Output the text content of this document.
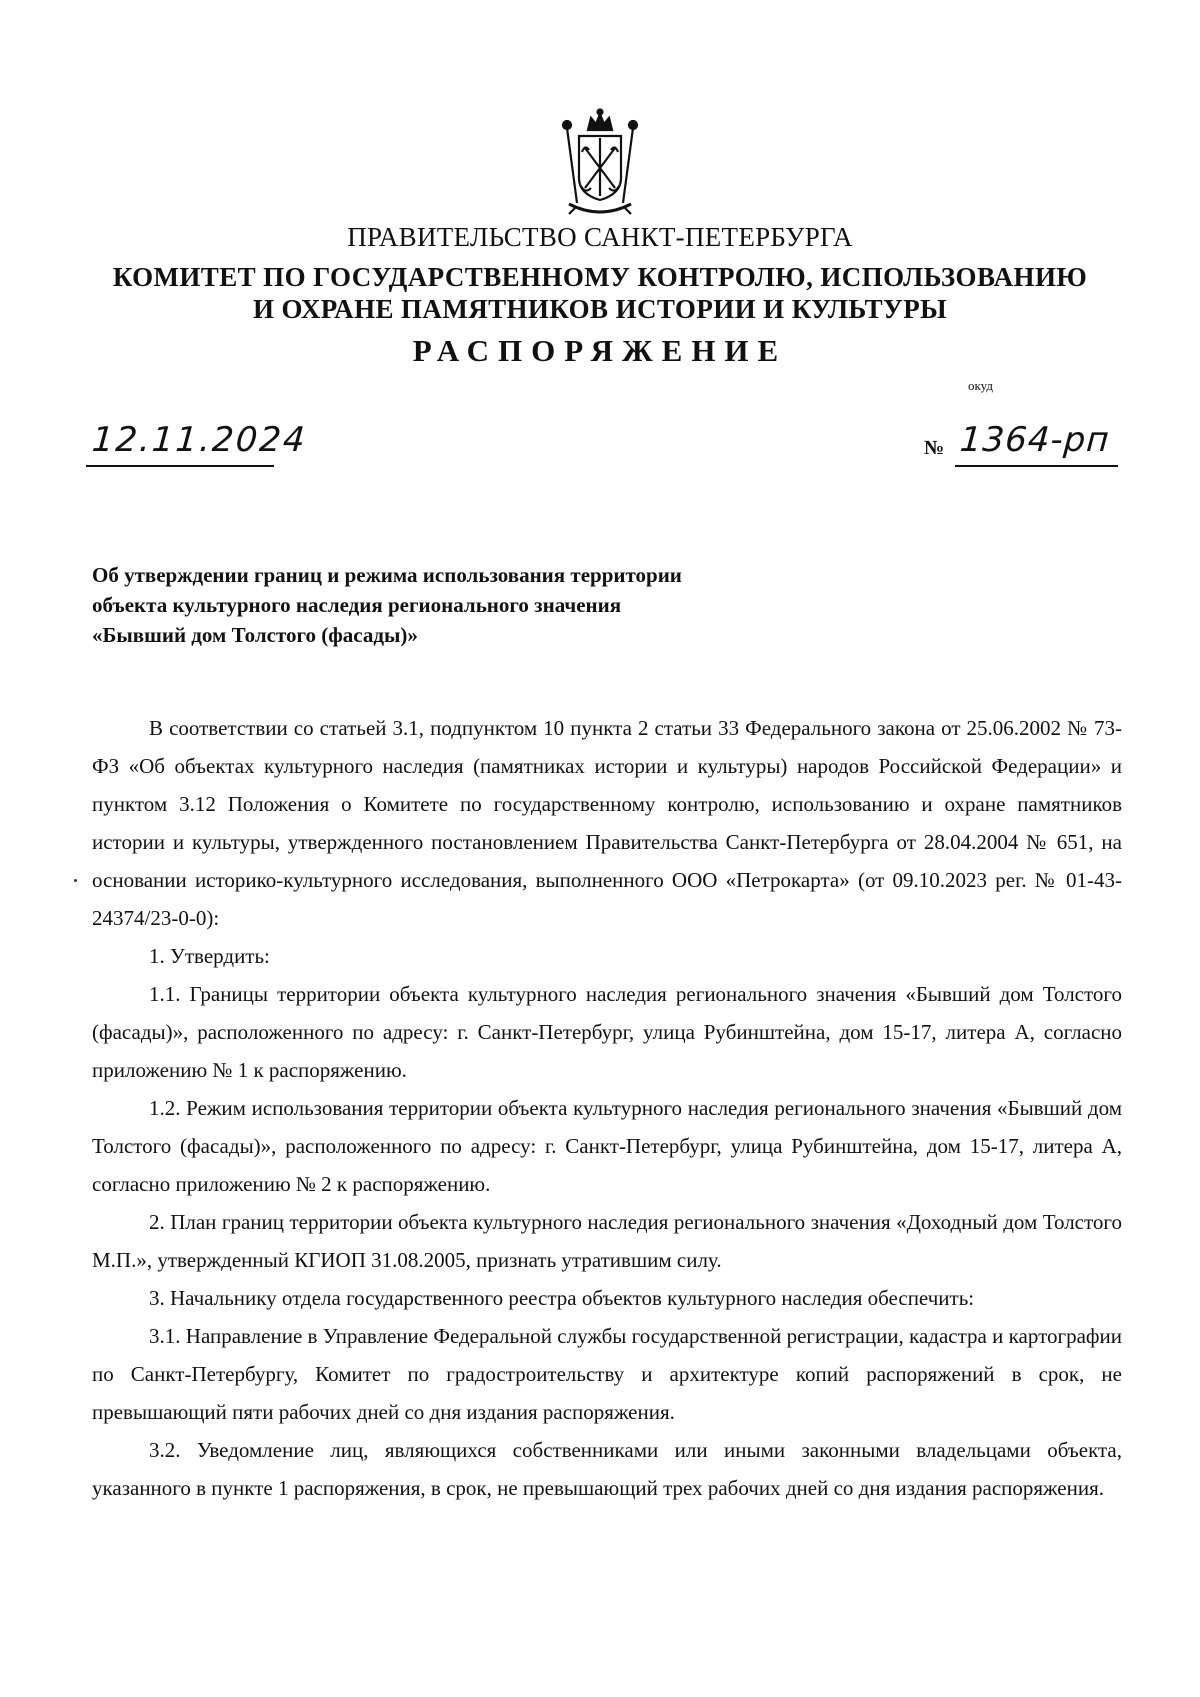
ПРАВИТЕЛЬСТВО САНКТ-ПЕТЕРБУРГА
КОМИТЕТ ПО ГОСУДАРСТВЕННОМУ КОНТРОЛЮ, ИСПОЛЬЗОВАНИЮ
И ОХРАНЕ ПАМЯТНИКОВ ИСТОРИИ И КУЛЬТУРЫ
РАСПОРЯЖЕНИЕ
окуд
12.11.2024	№ 1364-рп
Об утверждении границ и режима использования территории
объекта культурного наследия регионального значения
«Бывший дом Толстого (фасады)»

В соответствии со статьей 3.1, подпунктом 10 пункта 2 статьи 33 Федерального закона от 25.06.2002 № 73-ФЗ «Об объектах культурного наследия (памятниках истории и культуры) народов Российской Федерации» и пунктом 3.12 Положения о Комитете по государственному контролю, использованию и охране памятников истории и культуры, утвержденного постановлением Правительства Санкт-Петербурга от 28.04.2004 № 651, на основании историко-культурного исследования, выполненного ООО «Петрокарта» (от 09.10.2023 рег. № 01-43-24374/23-0-0):

1. Утвердить:

1.1. Границы территории объекта культурного наследия регионального значения «Бывший дом Толстого (фасады)», расположенного по адресу: г. Санкт-Петербург, улица Рубинштейна, дом 15-17, литера А, согласно приложению № 1 к распоряжению.

1.2. Режим использования территории объекта культурного наследия регионального значения «Бывший дом Толстого (фасады)», расположенного по адресу: г. Санкт-Петербург, улица Рубинштейна, дом 15-17, литера А, согласно приложению № 2 к распоряжению.

2. План границ территории объекта культурного наследия регионального значения «Доходный дом Толстого М.П.», утвержденный КГИОП 31.08.2005, признать утратившим силу.

3. Начальнику отдела государственного реестра объектов культурного наследия обеспечить:

3.1. Направление в Управление Федеральной службы государственной регистрации, кадастра и картографии по Санкт-Петербургу, Комитет по градостроительству и архитектуре копий распоряжений в срок, не превышающий пяти рабочих дней со дня издания распоряжения.

3.2. Уведомление лиц, являющихся собственниками или иными законными владельцами объекта, указанного в пункте 1 распоряжения, в срок, не превышающий трех рабочих дней со дня издания распоряжения.
